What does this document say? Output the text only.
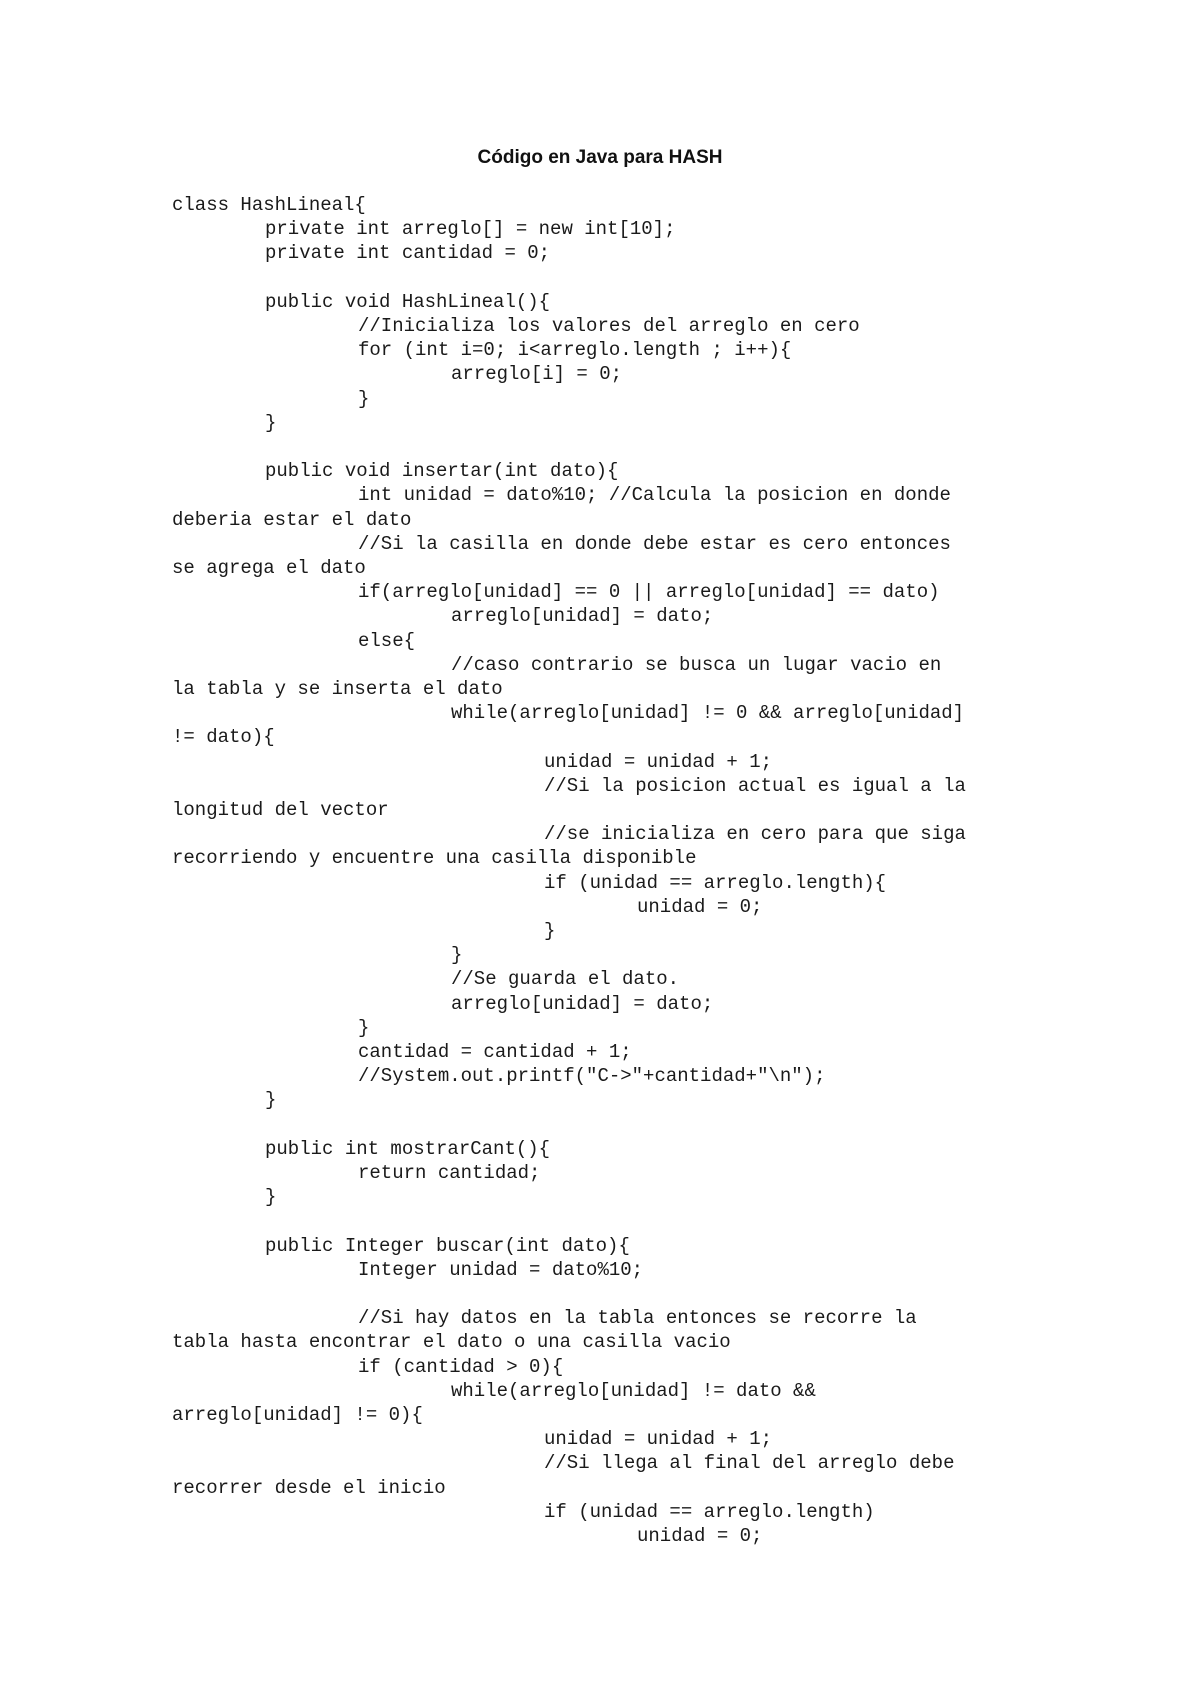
Código en Java para HASH
class HashLineal{
private int arreglo[] = new int[10];
private int cantidad = 0;
public void HashLineal(){
//Inicializa los valores del arreglo en cero
for (int i=0; i<arreglo.length ; i++){
arreglo[i] = 0;
}
}
public void insertar(int dato){
int unidad = dato%10; //Calcula la posicion en donde
deberia estar el dato
//Si la casilla en donde debe estar es cero entonces
se agrega el dato
if(arreglo[unidad] == 0 || arreglo[unidad] == dato)
arreglo[unidad] = dato;
else{
//caso contrario se busca un lugar vacio en
la tabla y se inserta el dato
while(arreglo[unidad] != 0 && arreglo[unidad]
!= dato){
unidad = unidad + 1;
//Si la posicion actual es igual a la
longitud del vector
//se inicializa en cero para que siga
recorriendo y encuentre una casilla disponible
if (unidad == arreglo.length){
unidad = 0;
}
}
//Se guarda el dato.
arreglo[unidad] = dato;
}
cantidad = cantidad + 1;
//System.out.printf("C->"+cantidad+"\n");
}
public int mostrarCant(){
return cantidad;
}
public Integer buscar(int dato){
Integer unidad = dato%10;
//Si hay datos en la tabla entonces se recorre la
tabla hasta encontrar el dato o una casilla vacio
if (cantidad > 0){
while(arreglo[unidad] != dato &&
arreglo[unidad] != 0){
unidad = unidad + 1;
//Si llega al final del arreglo debe
recorrer desde el inicio
if (unidad == arreglo.length)
unidad = 0;
